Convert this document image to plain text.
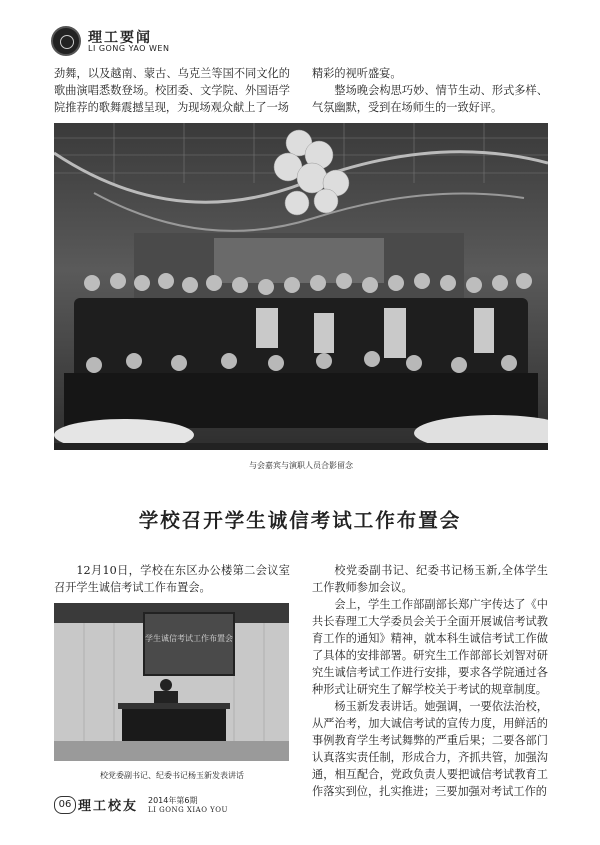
理工要闻
LI GONG YAO WEN

劲舞，以及越南、蒙古、乌克兰等国不同文化的歌曲演唱悉数登场。校团委、文学院、外国语学院推荐的歌舞震撼呈现，为现场观众献上了一场

精彩的视听盛宴。

整场晚会构思巧妙、情节生动、形式多样、气氛幽默，受到在场师生的一致好评。

与会嘉宾与演职人员合影留念
学校召开学生诚信考试工作布置会

12月10日，学校在东区办公楼第二会议室召开学生诚信考试工作布置会。

学生诚信考试工作布置会
校党委副书记、纪委书记杨玉新发表讲话

校党委副书记、纪委书记杨玉新,全体学生工作教师参加会议。

会上，学生工作部副部长郑广宇传达了《中共长春理工大学委员会关于全面开展诚信考试教育工作的通知》精神，就本科生诚信考试工作做了具体的安排部署。研究生工作部部长刘智对研究生诚信考试工作进行安排，要求各学院通过各种形式让研究生了解学校关于考试的规章制度。

杨玉新发表讲话。她强调，一要依法治校，从严治考，加大诚信考试的宣传力度，用鲜活的事例教育学生考试舞弊的严重后果；二要各部门认真落实责任制，形成合力，齐抓共管，加强沟通，相互配合，党政负责人要把诚信考试教育工作落实到位，扎实推进；三要加强对考试工作的

06 理工校友 2014年第6期
LI GONG XIAO YOU
